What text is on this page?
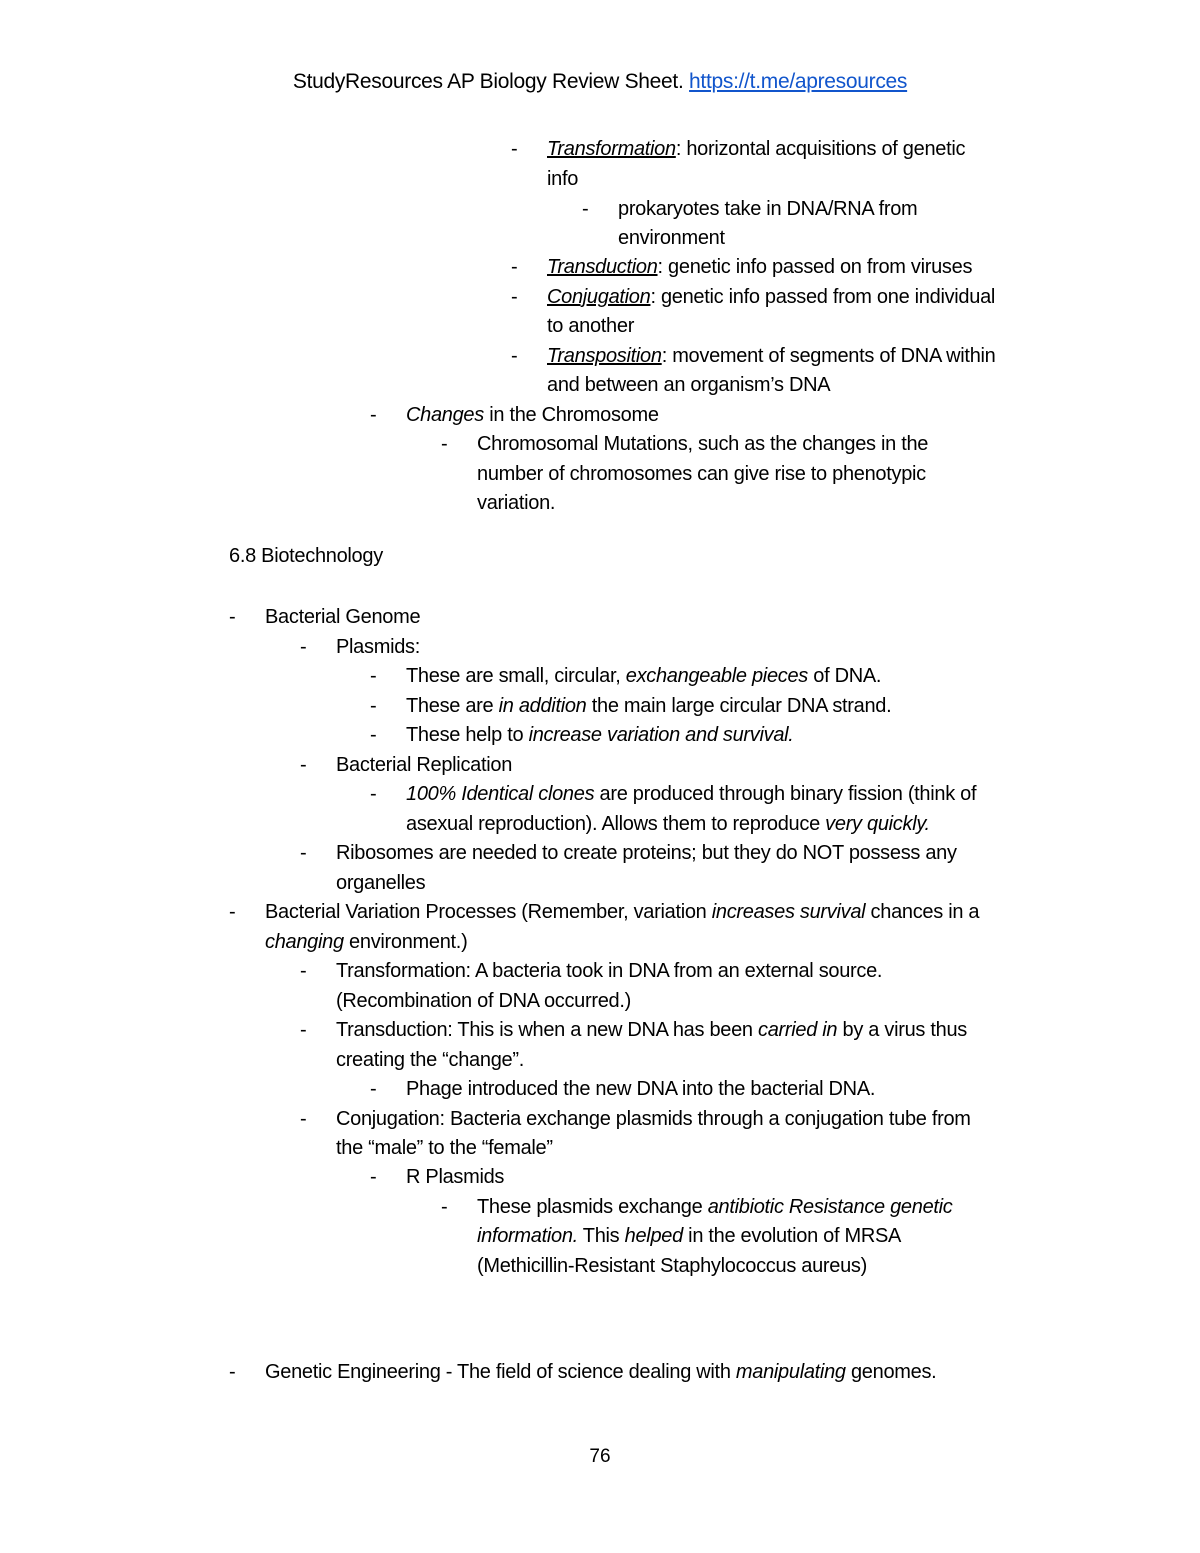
StudyResources AP Biology Review Sheet. https://t.me/apresources
- Transformation: horizontal acquisitions of genetic
info
- prokaryotes take in DNA/RNA from
environment
- Transduction: genetic info passed on from viruses
- Conjugation: genetic info passed from one individual
to another
- Transposition: movement of segments of DNA within
and between an organism’s DNA
- Changes in the Chromosome
- Chromosomal Mutations, such as the changes in the
number of chromosomes can give rise to phenotypic
variation.
6.8 Biotechnology
- Bacterial Genome
- Plasmids:
- These are small, circular, exchangeable pieces of DNA.
- These are in addition the main large circular DNA strand.
- These help to increase variation and survival.
- Bacterial Replication
- 100% Identical clones are produced through binary fission (think of
asexual reproduction). Allows them to reproduce very quickly.
- Ribosomes are needed to create proteins; but they do NOT possess any
organelles
- Bacterial Variation Processes (Remember, variation increases survival chances in a
changing environment.)
- Transformation: A bacteria took in DNA from an external source.
(Recombination of DNA occurred.)
- Transduction: This is when a new DNA has been carried in by a virus thus
creating the “change”.
- Phage introduced the new DNA into the bacterial DNA.
- Conjugation: Bacteria exchange plasmids through a conjugation tube from
the “male” to the “female”
- R Plasmids
- These plasmids exchange antibiotic Resistance genetic
information. This helped in the evolution of MRSA
(Methicillin-Resistant Staphylococcus aureus)
- Genetic Engineering - The field of science dealing with manipulating genomes.
76
